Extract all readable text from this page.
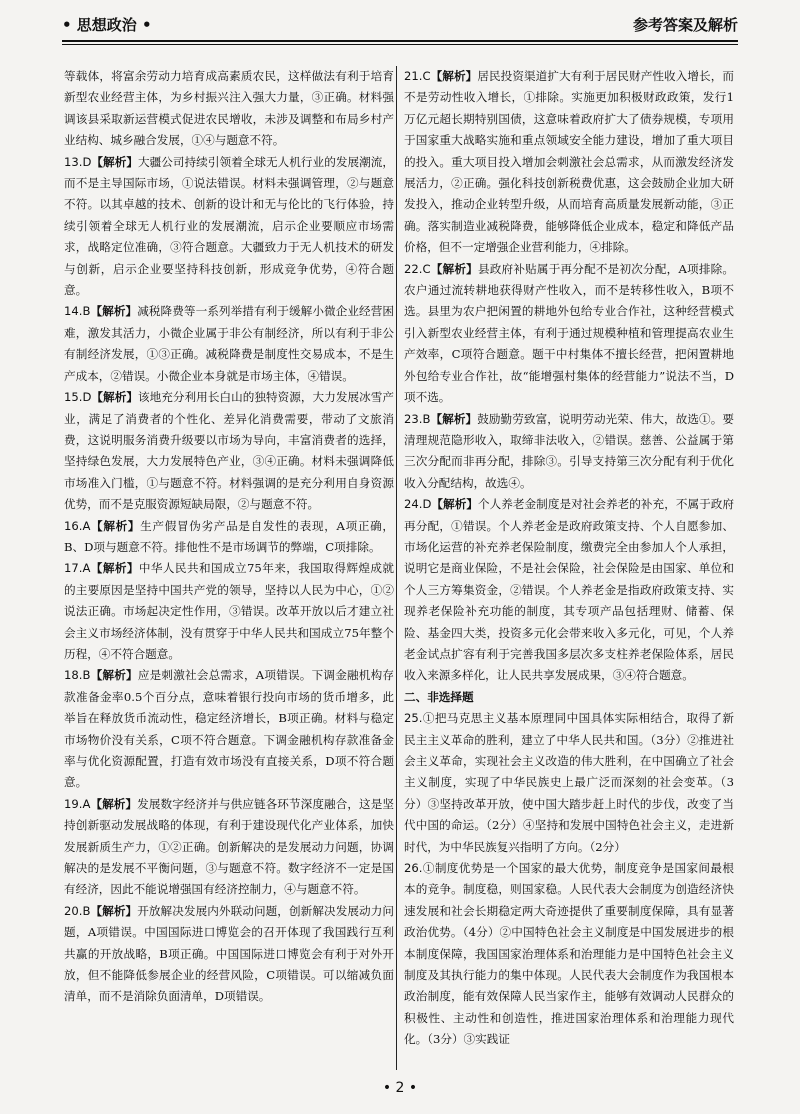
• 思想政治 •	参考答案及解析

等载体，将富余劳动力培育成高素质农民，这样做法有利于培育新型农业经营主体，为乡村振兴注入强大力量，③正确。材料强调该县采取新运营模式促进农民增收，未涉及调整和布局乡村产业结构、城乡融合发展，①④与题意不符。

13.D【解析】大疆公司持续引领着全球无人机行业的发展潮流，而不是主导国际市场，①说法错误。材料未强调管理，②与题意不符。以其卓越的技术、创新的设计和无与伦比的飞行体验，持续引领着全球无人机行业的发展潮流，启示企业要顺应市场需求，战略定位准确，③符合题意。大疆致力于无人机技术的研发与创新，启示企业要坚持科技创新，形成竞争优势，④符合题意。

14.B【解析】减税降费等一系列举措有利于缓解小微企业经营困难，激发其活力，小微企业属于非公有制经济，所以有利于非公有制经济发展，①③正确。减税降费是制度性交易成本，不是生产成本，②错误。小微企业本身就是市场主体，④错误。

15.D【解析】该地充分利用长白山的独特资源，大力发展冰雪产业，满足了消费者的个性化、差异化消费需要，带动了文旅消费，这说明服务消费升级要以市场为导向，丰富消费者的选择，坚持绿色发展，大力发展特色产业，③④正确。材料未强调降低市场准入门槛，①与题意不符。材料强调的是充分利用自身资源优势，而不是克服资源短缺局限，②与题意不符。

16.A【解析】生产假冒伪劣产品是自发性的表现，A项正确，B、D项与题意不符。排他性不是市场调节的弊端，C项排除。

17.A【解析】中华人民共和国成立75年来，我国取得辉煌成就的主要原因是坚持中国共产党的领导，坚持以人民为中心，①②说法正确。市场起决定性作用，③错误。改革开放以后才建立社会主义市场经济体制，没有贯穿于中华人民共和国成立75年整个历程，④不符合题意。

18.B【解析】应是刺激社会总需求，A项错误。下调金融机构存款准备金率0.5个百分点，意味着银行投向市场的货币增多，此举旨在释放货币流动性，稳定经济增长，B项正确。材料与稳定市场物价没有关系，C项不符合题意。下调金融机构存款准备金率与优化资源配置，打造有效市场没有直接关系，D项不符合题意。

19.A【解析】发展数字经济并与供应链各环节深度融合，这是坚持创新驱动发展战略的体现，有利于建设现代化产业体系，加快发展新质生产力，①②正确。创新解决的是发展动力问题，协调解决的是发展不平衡问题，③与题意不符。数字经济不一定是国有经济，因此不能说增强国有经济控制力，④与题意不符。

20.B【解析】开放解决发展内外联动问题，创新解决发展动力问题，A项错误。中国国际进口博览会的召开体现了我国践行互利共赢的开放战略，B项正确。中国国际进口博览会有利于对外开放，但不能降低参展企业的经营风险，C项错误。可以缩减负面清单，而不是消除负面清单，D项错误。

21.C【解析】居民投资渠道扩大有利于居民财产性收入增长，而不是劳动性收入增长，①排除。实施更加积极财政政策，发行1万亿元超长期特别国债，这意味着政府扩大了债券规模，专项用于国家重大战略实施和重点领域安全能力建设，增加了重大项目的投入。重大项目投入增加会刺激社会总需求，从而激发经济发展活力，②正确。强化科技创新税费优惠，这会鼓励企业加大研发投入，推动企业转型升级，从而培育高质量发展新动能，③正确。落实制造业减税降费，能够降低企业成本，稳定和降低产品价格，但不一定增强企业营利能力，④排除。

22.C【解析】县政府补贴属于再分配不是初次分配，A项排除。农户通过流转耕地获得财产性收入，而不是转移性收入，B项不选。县里为农户把闲置的耕地外包给专业合作社，这种经营模式引入新型农业经营主体，有利于通过规模种植和管理提高农业生产效率，C项符合题意。题干中村集体不擅长经营，把闲置耕地外包给专业合作社，故“能增强村集体的经营能力”说法不当，D项不选。

23.B【解析】鼓励勤劳致富，说明劳动光荣、伟大，故选①。要清理规范隐形收入，取缔非法收入，②错误。慈善、公益属于第三次分配而非再分配，排除③。引导支持第三次分配有利于优化收入分配结构，故选④。

24.D【解析】个人养老金制度是对社会养老的补充，不属于政府再分配，①错误。个人养老金是政府政策支持、个人自愿参加、市场化运营的补充养老保险制度，缴费完全由参加人个人承担，说明它是商业保险，不是社会保险，社会保险是由国家、单位和个人三方筹集资金，②错误。个人养老金是指政府政策支持、实现养老保险补充功能的制度，其专项产品包括理财、储蓄、保险、基金四大类，投资多元化会带来收入多元化，可见，个人养老金试点扩容有利于完善我国多层次多支柱养老保险体系，居民收入来源多样化，让人民共享发展成果，③④符合题意。

二、非选择题

25.①把马克思主义基本原理同中国具体实际相结合，取得了新民主主义革命的胜利，建立了中华人民共和国。（3分）②推进社会主义革命，实现社会主义改造的伟大胜利，在中国确立了社会主义制度，实现了中华民族史上最广泛而深刻的社会变革。（3分）③坚持改革开放，使中国大踏步赶上时代的步伐，改变了当代中国的命运。（2分）④坚持和发展中国特色社会主义，走进新时代，为中华民族复兴指明了方向。（2分）

26.①制度优势是一个国家的最大优势，制度竞争是国家间最根本的竞争。制度稳，则国家稳。人民代表大会制度为创造经济快速发展和社会长期稳定两大奇迹提供了重要制度保障，具有显著政治优势。（4分）②中国特色社会主义制度是中国发展进步的根本制度保障，我国国家治理体系和治理能力是中国特色社会主义制度及其执行能力的集中体现。人民代表大会制度作为我国根本政治制度，能有效保障人民当家作主，能够有效调动人民群众的积极性、主动性和创造性，推进国家治理体系和治理能力现代化。（3分）③实践证

• 2 •
